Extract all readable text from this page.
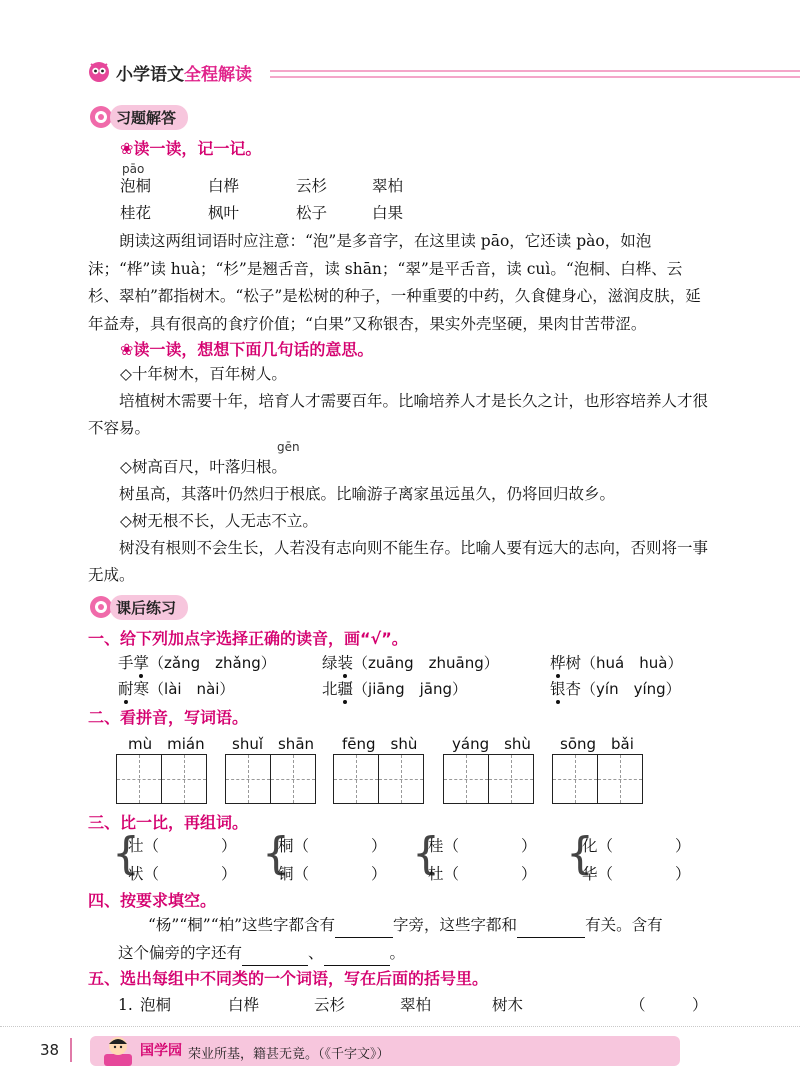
小学语文全程解读
习题解答
❀读一读，记一记。
pāo
泡桐	白桦	云杉	翠柏
桂花	枫叶	松子	白果
朗读这两组词语时应注意：“泡”是多音字，在这里读 pāo，它还读 pào，如泡沫；“桦”读 huà；“杉”是翘舌音，读 shān；“翠”是平舌音，读 cuì。“泡桐、白桦、云杉、翠柏”都指树木。“松子”是松树的种子，一种重要的中药，久食健身心，滋润皮肤，延年益寿，具有很高的食疗价值；“白果”又称银杏，果实外壳坚硬，果肉甘苦带涩。
❀读一读，想想下面几句话的意思。
◇十年树木，百年树人。
培植树木需要十年，培育人才需要百年。比喻培养人才是长久之计，也形容培养人才很不容易。
gēn
◇树高百尺，叶落归根。
树虽高，其落叶仍然归于根底。比喻游子离家虽远虽久，仍将回归故乡。
◇树无根不长，人无志不立。
树没有根则不会生长，人若没有志向则不能生存。比喻人要有远大的志向，否则将一事无成。
课后练习
一、给下列加点字选择正确的读音，画“√”。
手掌（zǎng　zhǎng）	绿装（zuāng　zhuāng）	桦树（huá　huà）
耐寒（lài　nài）	北疆（jiāng　jāng）	银杏（yín　yíng）
二、看拼音，写词语。
mù　mián shuǐ　shān fēng　shù yáng　shù sōng　bǎi
三、比一比，再组词。
{
壮（　　　　）
状（　　　　） {
桐（　　　　）
铜（　　　　） {
桂（　　　　）
杜（　　　　） {
化（　　　　）
华（　　　　）
四、按要求填空。
“杨”“桐”“柏”这些字都含有	字旁，这些字都和	有关。含有
这个偏旁的字还有	、	。
五、选出每组中不同类的一个词语，写在后面的括号里。
1. 泡桐	白桦	云杉	翠柏	树木	（　　　）
38	国学园 荣业所基，籍甚无竟。（《千字文》）
